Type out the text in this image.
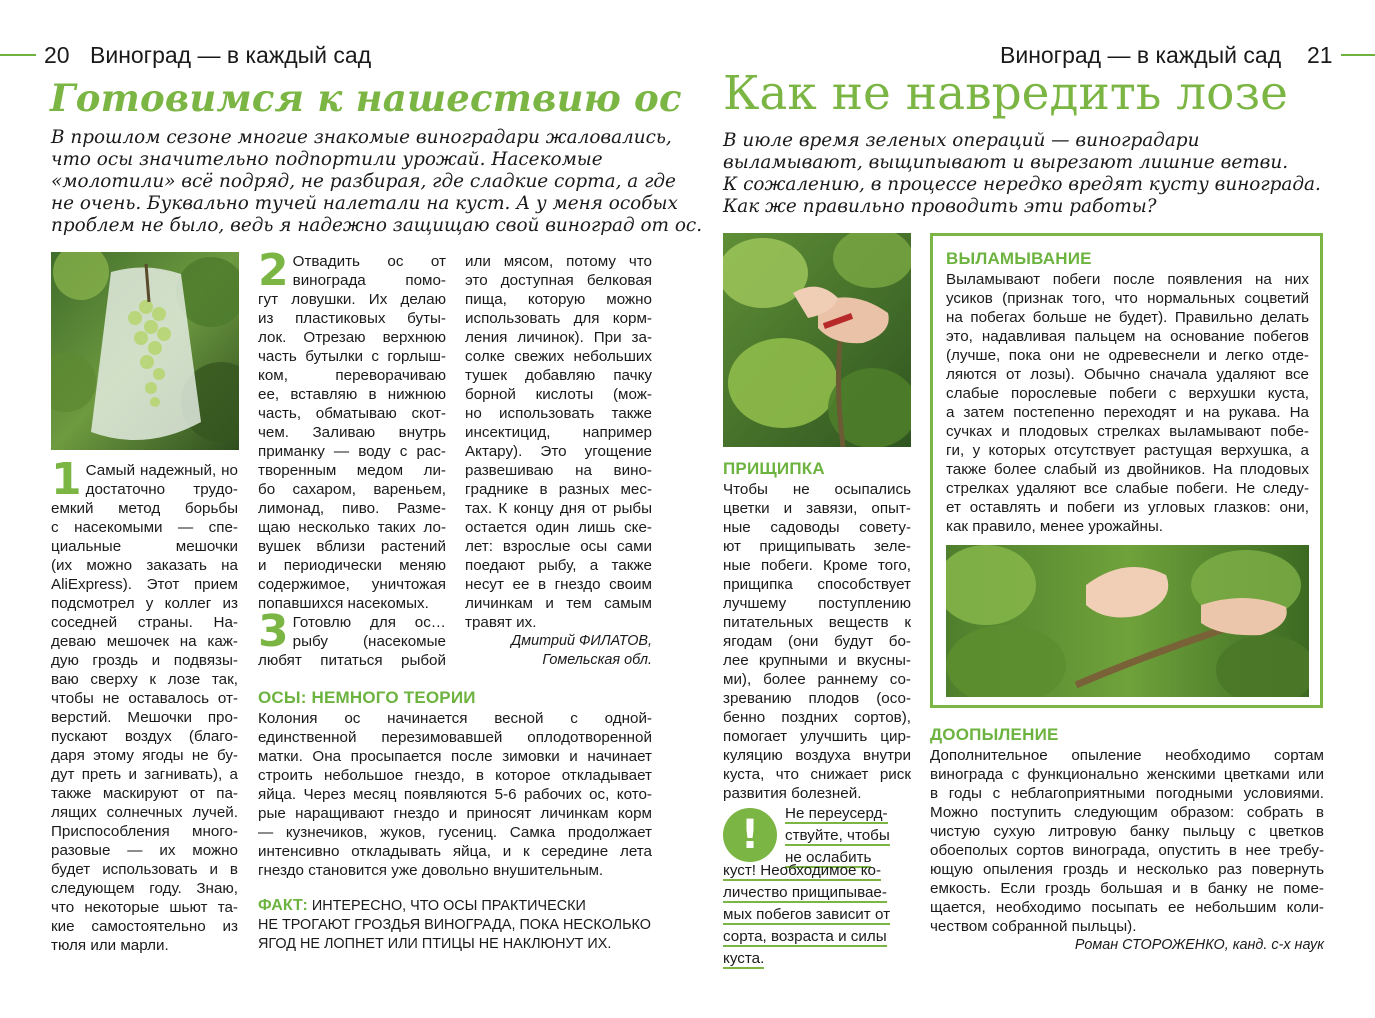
20 Виноград — в каждый сад	Виноград — в каждый сад 21
Готовимся к нашествию ос Как не навредить лозе
В прошлом сезоне многие знакомые виноградари жаловались,
что осы значительно подпортили урожай. Насекомые
«молотили» всё подряд, не разбирая, где сладкие сорта, а где
не очень. Буквально тучей налетали на куст. А у меня особых
проблем не было, ведь я надежно защищаю свой виноград от ос.
В июле время зеленых операций — виноградари
выламывают, выщипывают и вырезают лишние ветви.
К сожалению, в процессе нередко вредят кусту винограда.
Как же правильно проводить эти работы?
1 Самый надежный, но
достаточно трудо-
емкий метод борьбы
с насекомыми — спе-
циальные мешочки
(их можно заказать на
AliExpress). Этот прием
подсмотрел у коллег из
соседней страны. На-
деваю мешочек на каж-
дую гроздь и подвязы-
ваю сверху к лозе так,
чтобы не оставалось от-
верстий. Мешочки про-
пускают воздух (благо-
даря этому ягоды не бу-
дут преть и загнивать), а
также маскируют от па-
лящих солнечных лучей.
Приспособления много-
разовые — их можно
будет использовать и в
следующем году. Знаю,
что некоторые шьют та-
кие самостоятельно из
тюля или марли.
2 Отвадить ос от
винограда помо-
гут ловушки. Их делаю
из пластиковых буты-
лок. Отрезаю верхнюю
часть бутылки с горлыш-
ком, переворачиваю
ее, вставляю в нижнюю
часть, обматываю скот-
чем. Заливаю внутрь
приманку — воду с рас-
творенным медом ли-
бо сахаром, вареньем,
лимонад, пиво. Разме-
щаю несколько таких ло-
вушек вблизи растений
и периодически меняю
содержимое, уничтожая
попавшихся насекомых.
3 Готовлю для ос…
рыбу (насекомые
любят питаться рыбой
или мясом, потому что
это доступная белковая
пища, которую можно
использовать для корм-
ления личинок). При за-
солке свежих небольших
тушек добавляю пачку
борной кислоты (мож-
но использовать также
инсектицид, например
Актару). Это угощение
развешиваю на вино-
граднике в разных мес-
тах. К концу дня от рыбы
остается один лишь ске-
лет: взрослые осы сами
поедают рыбу, а также
несут ее в гнездо своим
личинкам и тем самым
травят их.
Дмитрий ФИЛАТОВ,
Гомельская обл.
ОСЫ: НЕМНОГО ТЕОРИИ
Колония ос начинается весной с одной-
единственной перезимовавшей оплодотворенной
матки. Она просыпается после зимовки и начинает
строить небольшое гнездо, в которое откладывает
яйца. Через месяц появляются 5-6 рабочих ос, кото-
рые наращивают гнездо и приносят личинкам корм
— кузнечиков, жуков, гусениц. Самка продолжает
интенсивно откладывать яйца, и к середине лета
гнездо становится уже довольно внушительным.
ФАКТ: ИНТЕРЕСНО, ЧТО ОСЫ ПРАКТИЧЕСКИ
НЕ ТРОГАЮТ ГРОЗДЬЯ ВИНОГРАДА, ПОКА НЕСКОЛЬКО
ЯГОД НЕ ЛОПНЕТ ИЛИ ПТИЦЫ НЕ НАКЛЮНУТ ИХ.
ПРИЩИПКА
Чтобы не осыпались
цветки и завязи, опыт-
ные садоводы совету-
ют прищипывать зеле-
ные побеги. Кроме того,
прищипка способствует
лучшему поступлению
питательных веществ к
ягодам (они будут бо-
лее крупными и вкусны-
ми), более раннему со-
зреванию плодов (осо-
бенно поздних сортов),
помогает улучшить цир-
куляцию воздуха внутри
куста, что снижает риск
развития болезней.
!	Не переусерд-
ствуйте, чтобы
не ослабить
куст! Необходимое ко-
личество прищипывае-
мых побегов зависит от
сорта, возраста и силы
куста.
ВЫЛАМЫВАНИЕ
Выламывают побеги после появления на них
усиков (признак того, что нормальных соцветий
на побегах больше не будет). Правильно делать
это, надавливая пальцем на основание побегов
(лучше, пока они не одревеснели и легко отде-
ляются от лозы). Обычно сначала удаляют все
слабые порослевые побеги с верхушки куста,
а затем постепенно переходят и на рукава. На
сучках и плодовых стрелках выламывают побе-
ги, у которых отсутствует растущая верхушка, а
также более слабый из двойников. На плодовых
стрелках удаляют все слабые побеги. Не следу-
ет оставлять и побеги из угловых глазков: они,
как правило, менее урожайны.
ДООПЫЛЕНИЕ
Дополнительное опыление необходимо сортам
винограда с функционально женскими цветками или
в годы с неблагоприятными погодными условиями.
Можно поступить следующим образом: собрать в
чистую сухую литровую банку пыльцу с цветков
обоеполых сортов винограда, опустить в нее требу-
ющую опыления гроздь и несколько раз повернуть
емкость. Если гроздь большая и в банку не поме-
щается, необходимо посыпать ее небольшим коли-
чеством собранной пыльцы).
Роман СТОРОЖЕНКО, канд. с-х наук
